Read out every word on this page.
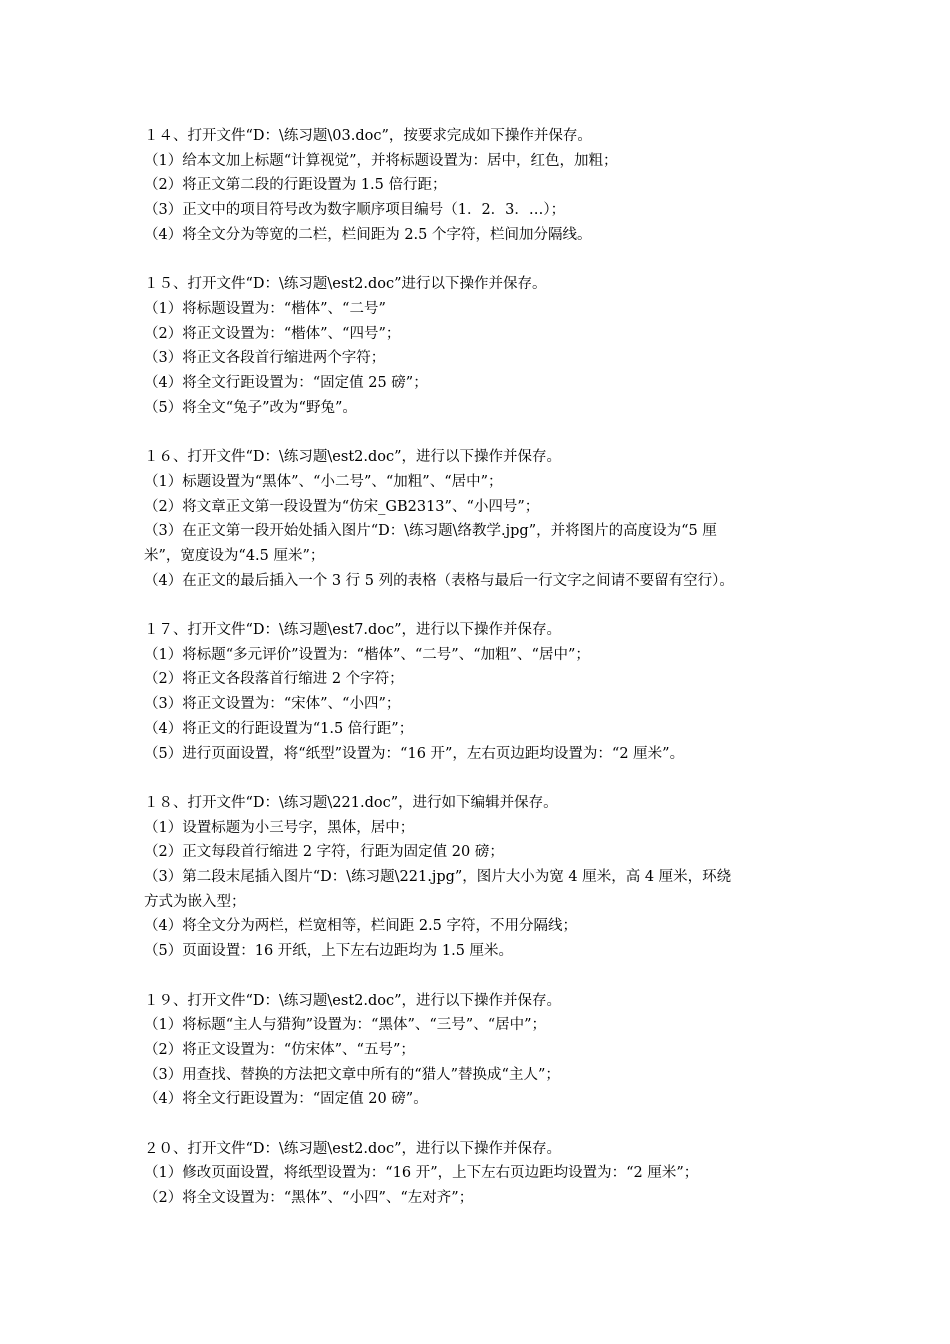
１４、打开文件“D：\练习题\03.doc”，按要求完成如下操作并保存。
（1）给本文加上标题“计算视觉”，并将标题设置为：居中，红色，加粗；
（2）将正文第二段的行距设置为 1.5 倍行距；
（3）正文中的项目符号改为数字顺序项目编号（1．2．3．…）；
（4）将全文分为等宽的二栏，栏间距为 2.5 个字符，栏间加分隔线。
１５、打开文件“D：\练习题\est2.doc”进行以下操作并保存。
（1）将标题设置为：“楷体”、“二号”
（2）将正文设置为：“楷体”、“四号”；
（3）将正文各段首行缩进两个字符；
（4）将全文行距设置为：“固定值 25 磅”；
（5）将全文“兔子”改为“野兔”。
１６、打开文件“D：\练习题\est2.doc”，进行以下操作并保存。
（1）标题设置为“黑体”、“小二号”、“加粗”、“居中”；
（2）将文章正文第一段设置为“仿宋_GB2313”、“小四号”；
（3）在正文第一段开始处插入图片“D：\练习题\络教学.jpg”，并将图片的高度设为“5 厘
米”，宽度设为“4.5 厘米”；
（4）在正文的最后插入一个 3 行 5 列的表格（表格与最后一行文字之间请不要留有空行）。
１７、打开文件“D：\练习题\est7.doc”，进行以下操作并保存。
（1）将标题“多元评价”设置为：“楷体”、“二号”、“加粗”、“居中”；
（2）将正文各段落首行缩进 2 个字符；
（3）将正文设置为：“宋体”、“小四”；
（4）将正文的行距设置为“1.5 倍行距”；
（5）进行页面设置，将“纸型”设置为：“16 开”，左右页边距均设置为：“2 厘米”。
１８、打开文件“D：\练习题\221.doc”，进行如下编辑并保存。
（1）设置标题为小三号字，黑体，居中；
（2）正文每段首行缩进 2 字符，行距为固定值 20 磅；
（3）第二段末尾插入图片“D：\练习题\221.jpg”，图片大小为宽 4 厘米，高 4 厘米，环绕
方式为嵌入型；
（4）将全文分为两栏，栏宽相等，栏间距 2.5 字符，不用分隔线；
（5）页面设置：16 开纸，上下左右边距均为 1.5 厘米。
１９、打开文件“D：\练习题\est2.doc”，进行以下操作并保存。
（1）将标题“主人与猎狗”设置为：“黑体”、“三号”、“居中”；
（2）将正文设置为：“仿宋体”、“五号”；
（3）用查找、替换的方法把文章中所有的“猎人”替换成“主人”；
（4）将全文行距设置为：“固定值 20 磅”。
２０、打开文件“D：\练习题\est2.doc”，进行以下操作并保存。
（1）修改页面设置，将纸型设置为：“16 开”，上下左右页边距均设置为：“2 厘米”；
（2）将全文设置为：“黑体”、“小四”、“左对齐”；
